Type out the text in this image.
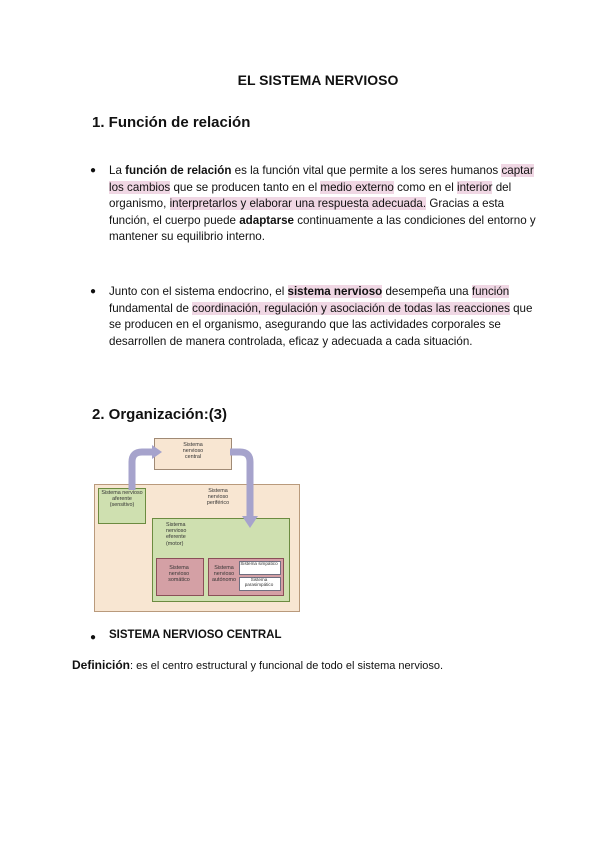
EL SISTEMA NERVIOSO
1. Función de relación
● La función de relación es la función vital que permite a los seres humanos captar los cambios que se producen tanto en el medio externo como en el interior del organismo, interpretarlos y elaborar una respuesta adecuada. Gracias a esta función, el cuerpo puede adaptarse continuamente a las condiciones del entorno y mantener su equilibrio interno.
● Junto con el sistema endocrino, el sistema nervioso desempeña una función fundamental de coordinación, regulación y asociación de todas las reacciones que se producen en el organismo, asegurando que las actividades corporales se desarrollen de manera controlada, eficaz y adecuada a cada situación.
2. Organización:(3)
Sistema nervioso central
Sistema nervioso periférico
Sistema nervioso aferente (sensitivo)
Sistema nervioso eferente (motor)
Sistema nervioso somático
Sistema nervioso autónomo
Sistema simpático
Sistema parasimpático
● SISTEMA NERVIOSO CENTRAL
Definición: es el centro estructural y funcional de todo el sistema nervioso.
